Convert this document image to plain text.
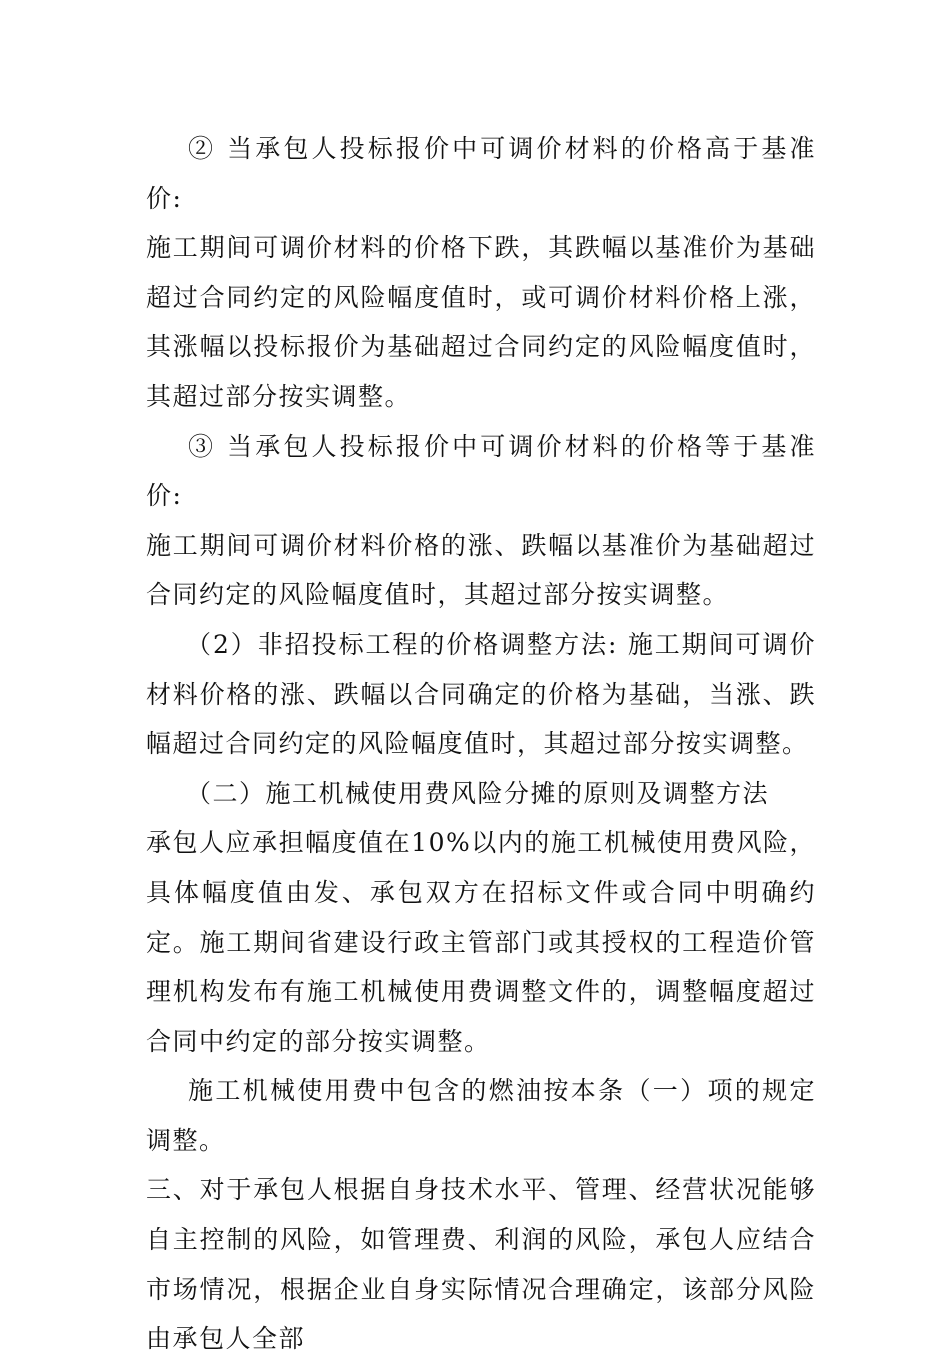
② 当承包人投标报价中可调价材料的价格高于基准价:

施工期间可调价材料的价格下跌，其跌幅以基准价为基础超过合同约定的风险幅度值时，或可调价材料价格上涨，其涨幅以投标报价为基础超过合同约定的风险幅度值时，其超过部分按实调整。

③ 当承包人投标报价中可调价材料的价格等于基准价:

施工期间可调价材料价格的涨、跌幅以基准价为基础超过合同约定的风险幅度值时，其超过部分按实调整。

（2）非招投标工程的价格调整方法: 施工期间可调价材料价格的涨、跌幅以合同确定的价格为基础，当涨、跌幅超过合同约定的风险幅度值时，其超过部分按实调整。

（二）施工机械使用费风险分摊的原则及调整方法

承包人应承担幅度值在10%以内的施工机械使用费风险，具体幅度值由发、承包双方在招标文件或合同中明确约定。施工期间省建设行政主管部门或其授权的工程造价管理机构发布有施工机械使用费调整文件的，调整幅度超过合同中约定的部分按实调整。

施工机械使用费中包含的燃油按本条（一）项的规定调整。

三、对于承包人根据自身技术水平、管理、经营状况能够自主控制的风险，如管理费、利润的风险，承包人应结合市场情况，根据企业自身实际情况合理确定，该部分风险由承包人全部
